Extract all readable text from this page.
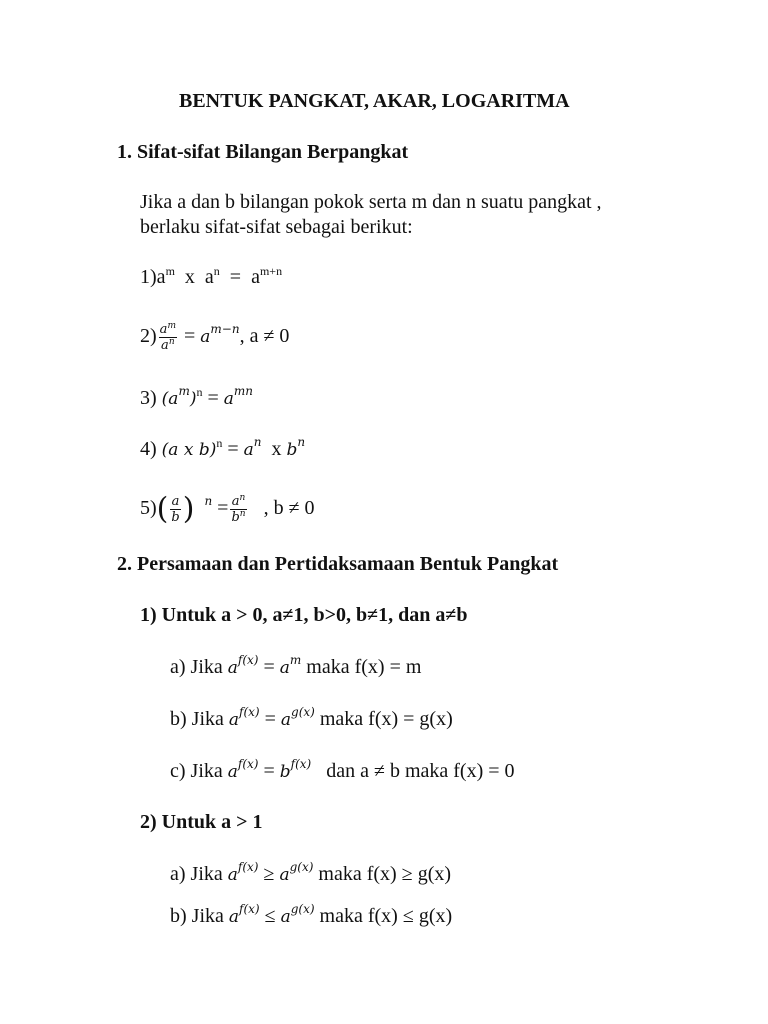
BENTUK PANGKAT, AKAR, LOGARITMA
1. Sifat-sifat Bilangan Berpangkat
Jika a dan b bilangan pokok serta m dan n suatu pangkat ,
berlaku sifat-sifat sebagai berikut:
$1)a^m$ x $a^n = a^{m+n}$
$2) \frac{a^m}{a^n} = a^{m-n}$, a ≠ 0
3) $(a^m)^n = a^{mn}$
4) (a x $b)^n = a^n$ x $b^n$
$5)( \frac{a}{b}$ ) $^n = \frac{a^n}{b^n}$ , b ≠ 0
2. Persamaan dan Pertidaksamaan Bentuk Pangkat
1) Untuk a > 0, a≠1, b>0, b≠1, dan a≠b
a) Jika $a^{f(x)} = a^m$ maka f(x) = m
b) Jika $a^{f(x)} = a^{g(x)}$ maka f(x) = g(x)
c) Jika $a^{f(x)} = b^{f(x)}$ dan a ≠ b maka f(x) = 0
2) Untuk a > 1
a) Jika $a^{f(x)} \ge a^{g(x)}$ maka f(x) ≥ g(x)
b) Jika $a^{f(x)} \le a^{g(x)}$ maka f(x) ≤ g(x)
